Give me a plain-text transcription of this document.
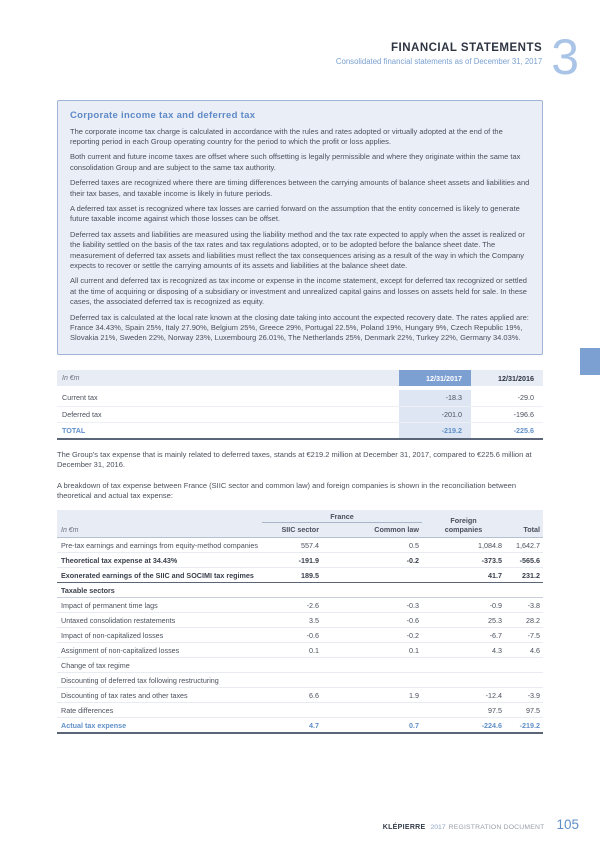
FINANCIAL STATEMENTS
Consolidated financial statements as of December 31, 2017 3
Corporate income tax and deferred tax

The corporate income tax charge is calculated in accordance with the rules and rates adopted or virtually adopted at the end of the reporting period in each Group operating country for the period to which the profit or loss applies.

Both current and future income taxes are offset where such offsetting is legally permissible and where they originate within the same tax consolidation Group and are subject to the same tax authority.

Deferred taxes are recognized where there are timing differences between the carrying amounts of balance sheet assets and liabilities and their tax bases, and taxable income is likely in future periods.

A deferred tax asset is recognized where tax losses are carried forward on the assumption that the entity concerned is likely to generate future taxable income against which those losses can be offset.

Deferred tax assets and liabilities are measured using the liability method and the tax rate expected to apply when the asset is realized or the liability settled on the basis of the tax rates and tax regulations adopted, or to be adopted before the balance sheet date. The measurement of deferred tax assets and liabilities must reflect the tax consequences arising as a result of the way in which the Company expects to recover or settle the carrying amounts of its assets and liabilities at the balance sheet date.

All current and deferred tax is recognized as tax income or expense in the income statement, except for deferred tax recognized or settled at the time of acquiring or disposing of a subsidiary or investment and unrealized capital gains and losses on assets held for sale. In these cases, the associated deferred tax is recognized as equity.

Deferred tax is calculated at the local rate known at the closing date taking into account the expected recovery date. The rates applied are: France 34.43%, Spain 25%, Italy 27.90%, Belgium 25%, Greece 29%, Portugal 22.5%, Poland 19%, Hungary 9%, Czech Republic 19%, Slovakia 21%, Sweden 22%, Norway 23%, Luxembourg 26.01%, The Netherlands 25%, Denmark 22%, Turkey 22%, Germany 34.03%.

In €m	12/31/2017	12/31/2016
Current tax	-18.3	-29.0
Deferred tax	-201.0	-196.6
TOTAL	-219.2	-225.6

The Group's tax expense that is mainly related to deferred taxes, stands at €219.2 million at December 31, 2017, compared to €225.6 million at December 31, 2016.

A breakdown of tax expense between France (SIIC sector and common law) and foreign companies is shown in the reconciliation between theoretical and actual tax expense:

In €m	France		Foreign companies	Total
	SIIC sector	Common law		
Pre-tax earnings and earnings from equity-method companies	557.4	0.5	1,084.8	1,642.7
Theoretical tax expense at 34.43%	-191.9	-0.2	-373.5	-565.6
Exonerated earnings of the SIIC and SOCIMI tax regimes	189.5		41.7	231.2
Taxable sectors				
Impact of permanent time lags	-2.6	-0.3	-0.9	-3.8
Untaxed consolidation restatements	3.5	-0.6	25.3	28.2
Impact of non-capitalized losses	-0.6	-0.2	-6.7	-7.5
Assignment of non-capitalized losses	0.1	0.1	4.3	4.6
Change of tax regime				
Discounting of deferred tax following restructuring				
Discounting of tax rates and other taxes	6.6	1.9	-12.4	-3.9
Rate differences			97.5	97.5
Actual tax expense	4.7	0.7	-224.6	-219.2
KLÉPIERRE 2017 REGISTRATION DOCUMENT 105
